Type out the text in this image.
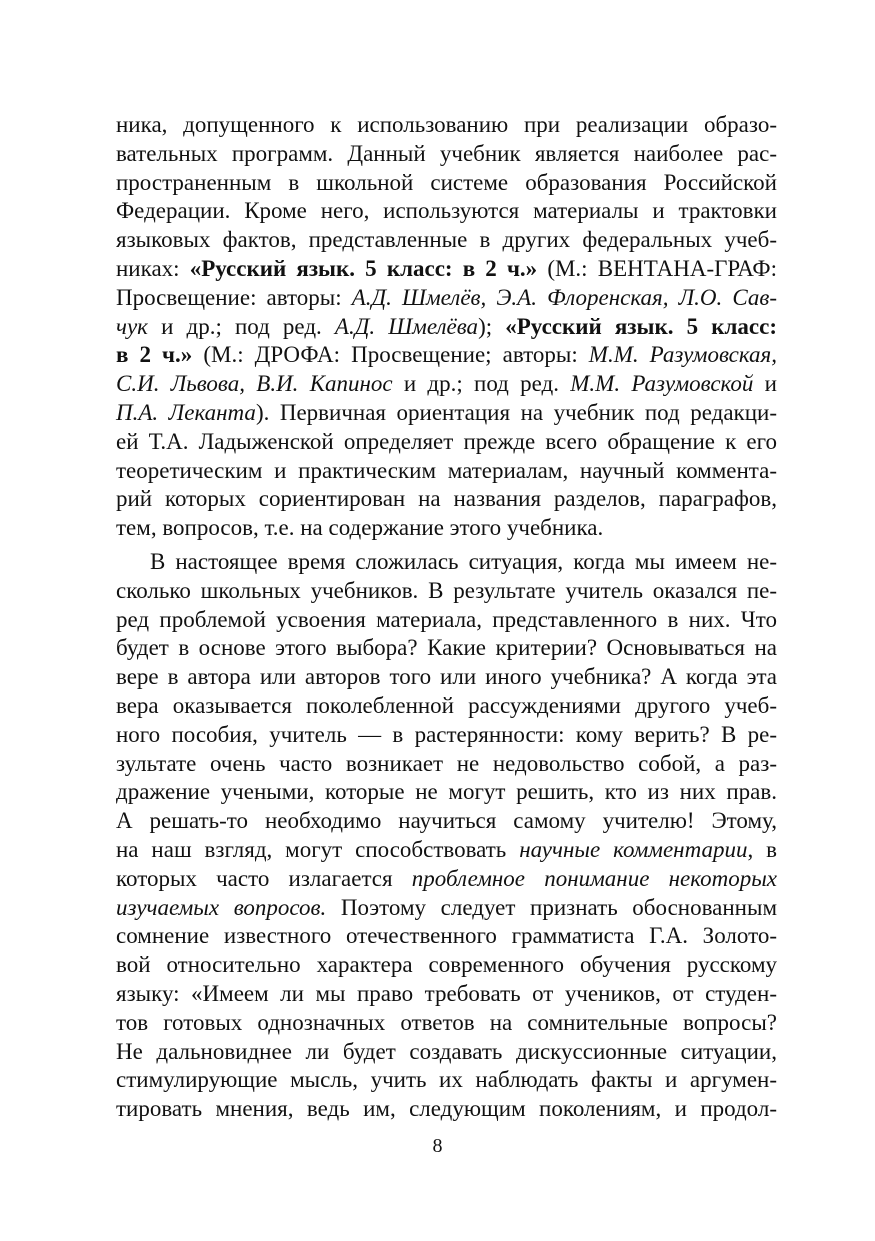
ника, допущенного к использованию при реализации образо-
вательных программ. Данный учебник является наиболее рас-
пространенным в школьной системе образования Российской
Федерации. Кроме него, используются материалы и трактовки
языковых фактов, представленные в других федеральных учеб-
никах: «Русский язык. 5 класс: в 2 ч.» (М.: ВЕНТАНА-ГРАФ:
Просвещение: авторы: А.Д. Шмелёв, Э.А. Флоренская, Л.О. Сав-
чук и др.; под ред. А.Д. Шмелёва); «Русский язык. 5 класс:
в 2 ч.» (М.: ДРОФА: Просвещение; авторы: М.М. Разумовская,
С.И. Львова, В.И. Капинос и др.; под ред. М.М. Разумовской и
П.А. Леканта). Первичная ориентация на учебник под редакци-
ей Т.А. Ладыженской определяет прежде всего обращение к его
теоретическим и практическим материалам, научный коммента-
рий которых сориентирован на названия разделов, параграфов,
тем, вопросов, т.е. на содержание этого учебника.
В настоящее время сложилась ситуация, когда мы имеем не-
сколько школьных учебников. В результате учитель оказался пе-
ред проблемой усвоения материала, представленного в них. Что
будет в основе этого выбора? Какие критерии? Основываться на
вере в автора или авторов того или иного учебника? А когда эта
вера оказывается поколебленной рассуждениями другого учеб-
ного пособия, учитель — в растерянности: кому верить? В ре-
зультате очень часто возникает не недовольство собой, а раз-
дражение учеными, которые не могут решить, кто из них прав.
А решать-то необходимо научиться самому учителю! Этому,
на наш взгляд, могут способствовать научные комментарии, в
которых часто излагается проблемное понимание некоторых
изучаемых вопросов. Поэтому следует признать обоснованным
сомнение известного отечественного грамматиста Г.А. Золото-
вой относительно характера современного обучения русскому
языку: «Имеем ли мы право требовать от учеников, от студен-
тов готовых однозначных ответов на сомнительные вопросы?
Не дальновиднее ли будет создавать дискуссионные ситуации,
стимулирующие мысль, учить их наблюдать факты и аргумен-
тировать мнения, ведь им, следующим поколениям, и продол-
8
